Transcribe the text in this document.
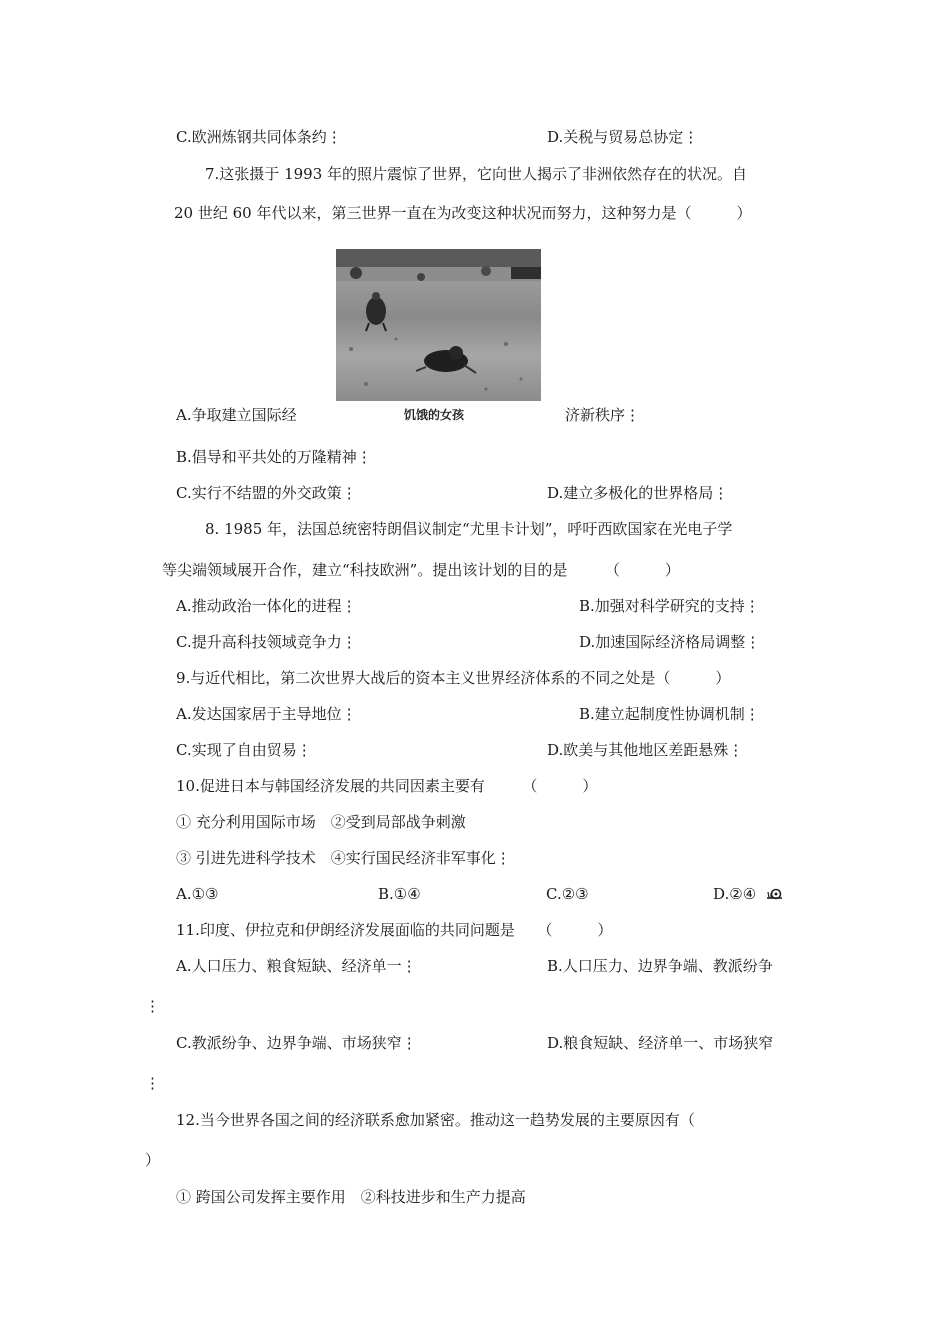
C.欧洲炼钢共同体条约⋮	D.关税与贸易总协定⋮
7.这张摄于 1993 年的照片震惊了世界，它向世人揭示了非洲依然存在的状况。自
20 世纪 60 年代以来，第三世界一直在为改变这种状况而努力，这种努力是（　　　）
饥饿的女孩
A.争取建立国际经	济新秩序⋮
B.倡导和平共处的万隆精神⋮
C.实行不结盟的外交政策⋮	D.建立多极化的世界格局⋮
8. 1985 年，法国总统密特朗倡议制定“尤里卡计划”，呼吁西欧国家在光电子学
等尖端领域展开合作，建立“科技欧洲”。提出该计划的目的是　　　（　　　）
A.推动政治一体化的进程⋮	B.加强对科学研究的支持⋮
C.提升高科技领域竞争力⋮	D.加速国际经济格局调整⋮
9.与近代相比，第二次世界大战后的资本主义世界经济体系的不同之处是（　　　）
A.发达国家居于主导地位⋮	B.建立起制度性协调机制⋮
C.实现了自由贸易⋮	D.欧美与其他地区差距悬殊⋮
10.促进日本与韩国经济发展的共同因素主要有　　　（　　　）
① 充分利用国际市场　②受到局部战争刺激
③ 引进先进科学技术　④实行国民经济非军事化⋮
A.①③	B.①④	C.②③	D.②④
11.印度、伊拉克和伊朗经济发展面临的共同问题是　　（　　　）
A.人口压力、粮食短缺、经济单一⋮	B.人口压力、边界争端、教派纷争
⋮
C.教派纷争、边界争端、市场狭窄⋮	D.粮食短缺、经济单一、市场狭窄
⋮
12.当今世界各国之间的经济联系愈加紧密。推动这一趋势发展的主要原因有（
）
① 跨国公司发挥主要作用　②科技进步和生产力提高
